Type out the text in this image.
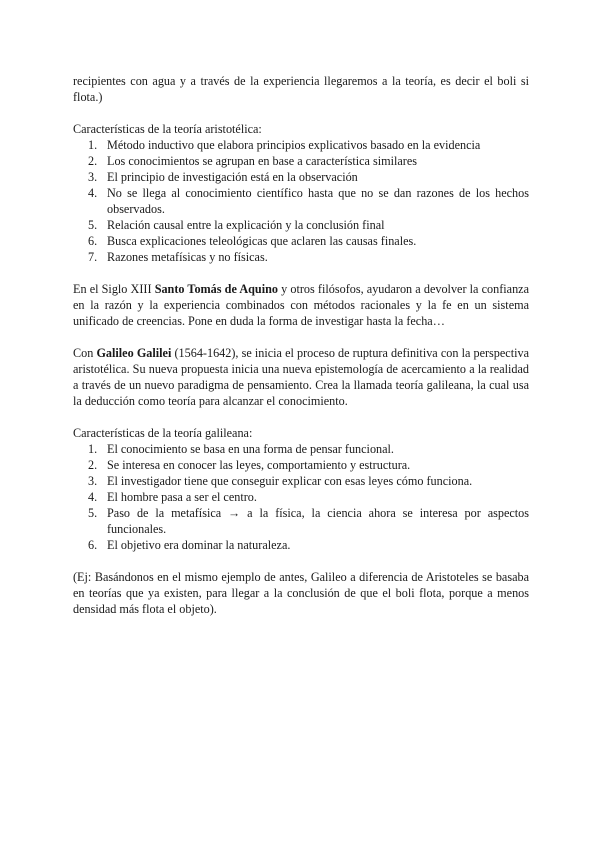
recipientes con agua y a través de la experiencia llegaremos a la teoría, es decir el boli si flota.)

Características de la teoría aristotélica:

1. Método inductivo que elabora principios explicativos basado en la evidencia
2. Los conocimientos se agrupan en base a característica similares
3. El principio de investigación está en la observación
4. No se llega al conocimiento científico hasta que no se dan razones de los hechos observados.
5. Relación causal entre la explicación y la conclusión final
6. Busca explicaciones teleológicas que aclaren las causas finales.
7. Razones metafísicas y no físicas.

En el Siglo XIII Santo Tomás de Aquino y otros filósofos, ayudaron a devolver la confianza en la razón y la experiencia combinados con métodos racionales y la fe en un sistema unificado de creencias. Pone en duda la forma de investigar hasta la fecha…

Con Galileo Galilei (1564-1642), se inicia el proceso de ruptura definitiva con la perspectiva aristotélica. Su nueva propuesta inicia una nueva epistemología de acercamiento a la realidad a través de un nuevo paradigma de pensamiento. Crea la llamada teoría galileana, la cual usa la deducción como teoría para alcanzar el conocimiento.

Características de la teoría galileana:

1. El conocimiento se basa en una forma de pensar funcional.
2. Se interesa en conocer las leyes, comportamiento y estructura.
3. El investigador tiene que conseguir explicar con esas leyes cómo funciona.
4. El hombre pasa a ser el centro.
5. Paso de la metafísica → a la física, la ciencia ahora se interesa por aspectos funcionales.
6. El objetivo era dominar la naturaleza.

(Ej: Basándonos en el mismo ejemplo de antes, Galileo a diferencia de Aristoteles se basaba en teorías que ya existen, para llegar a la conclusión de que el boli flota, porque a menos densidad más flota el objeto).
